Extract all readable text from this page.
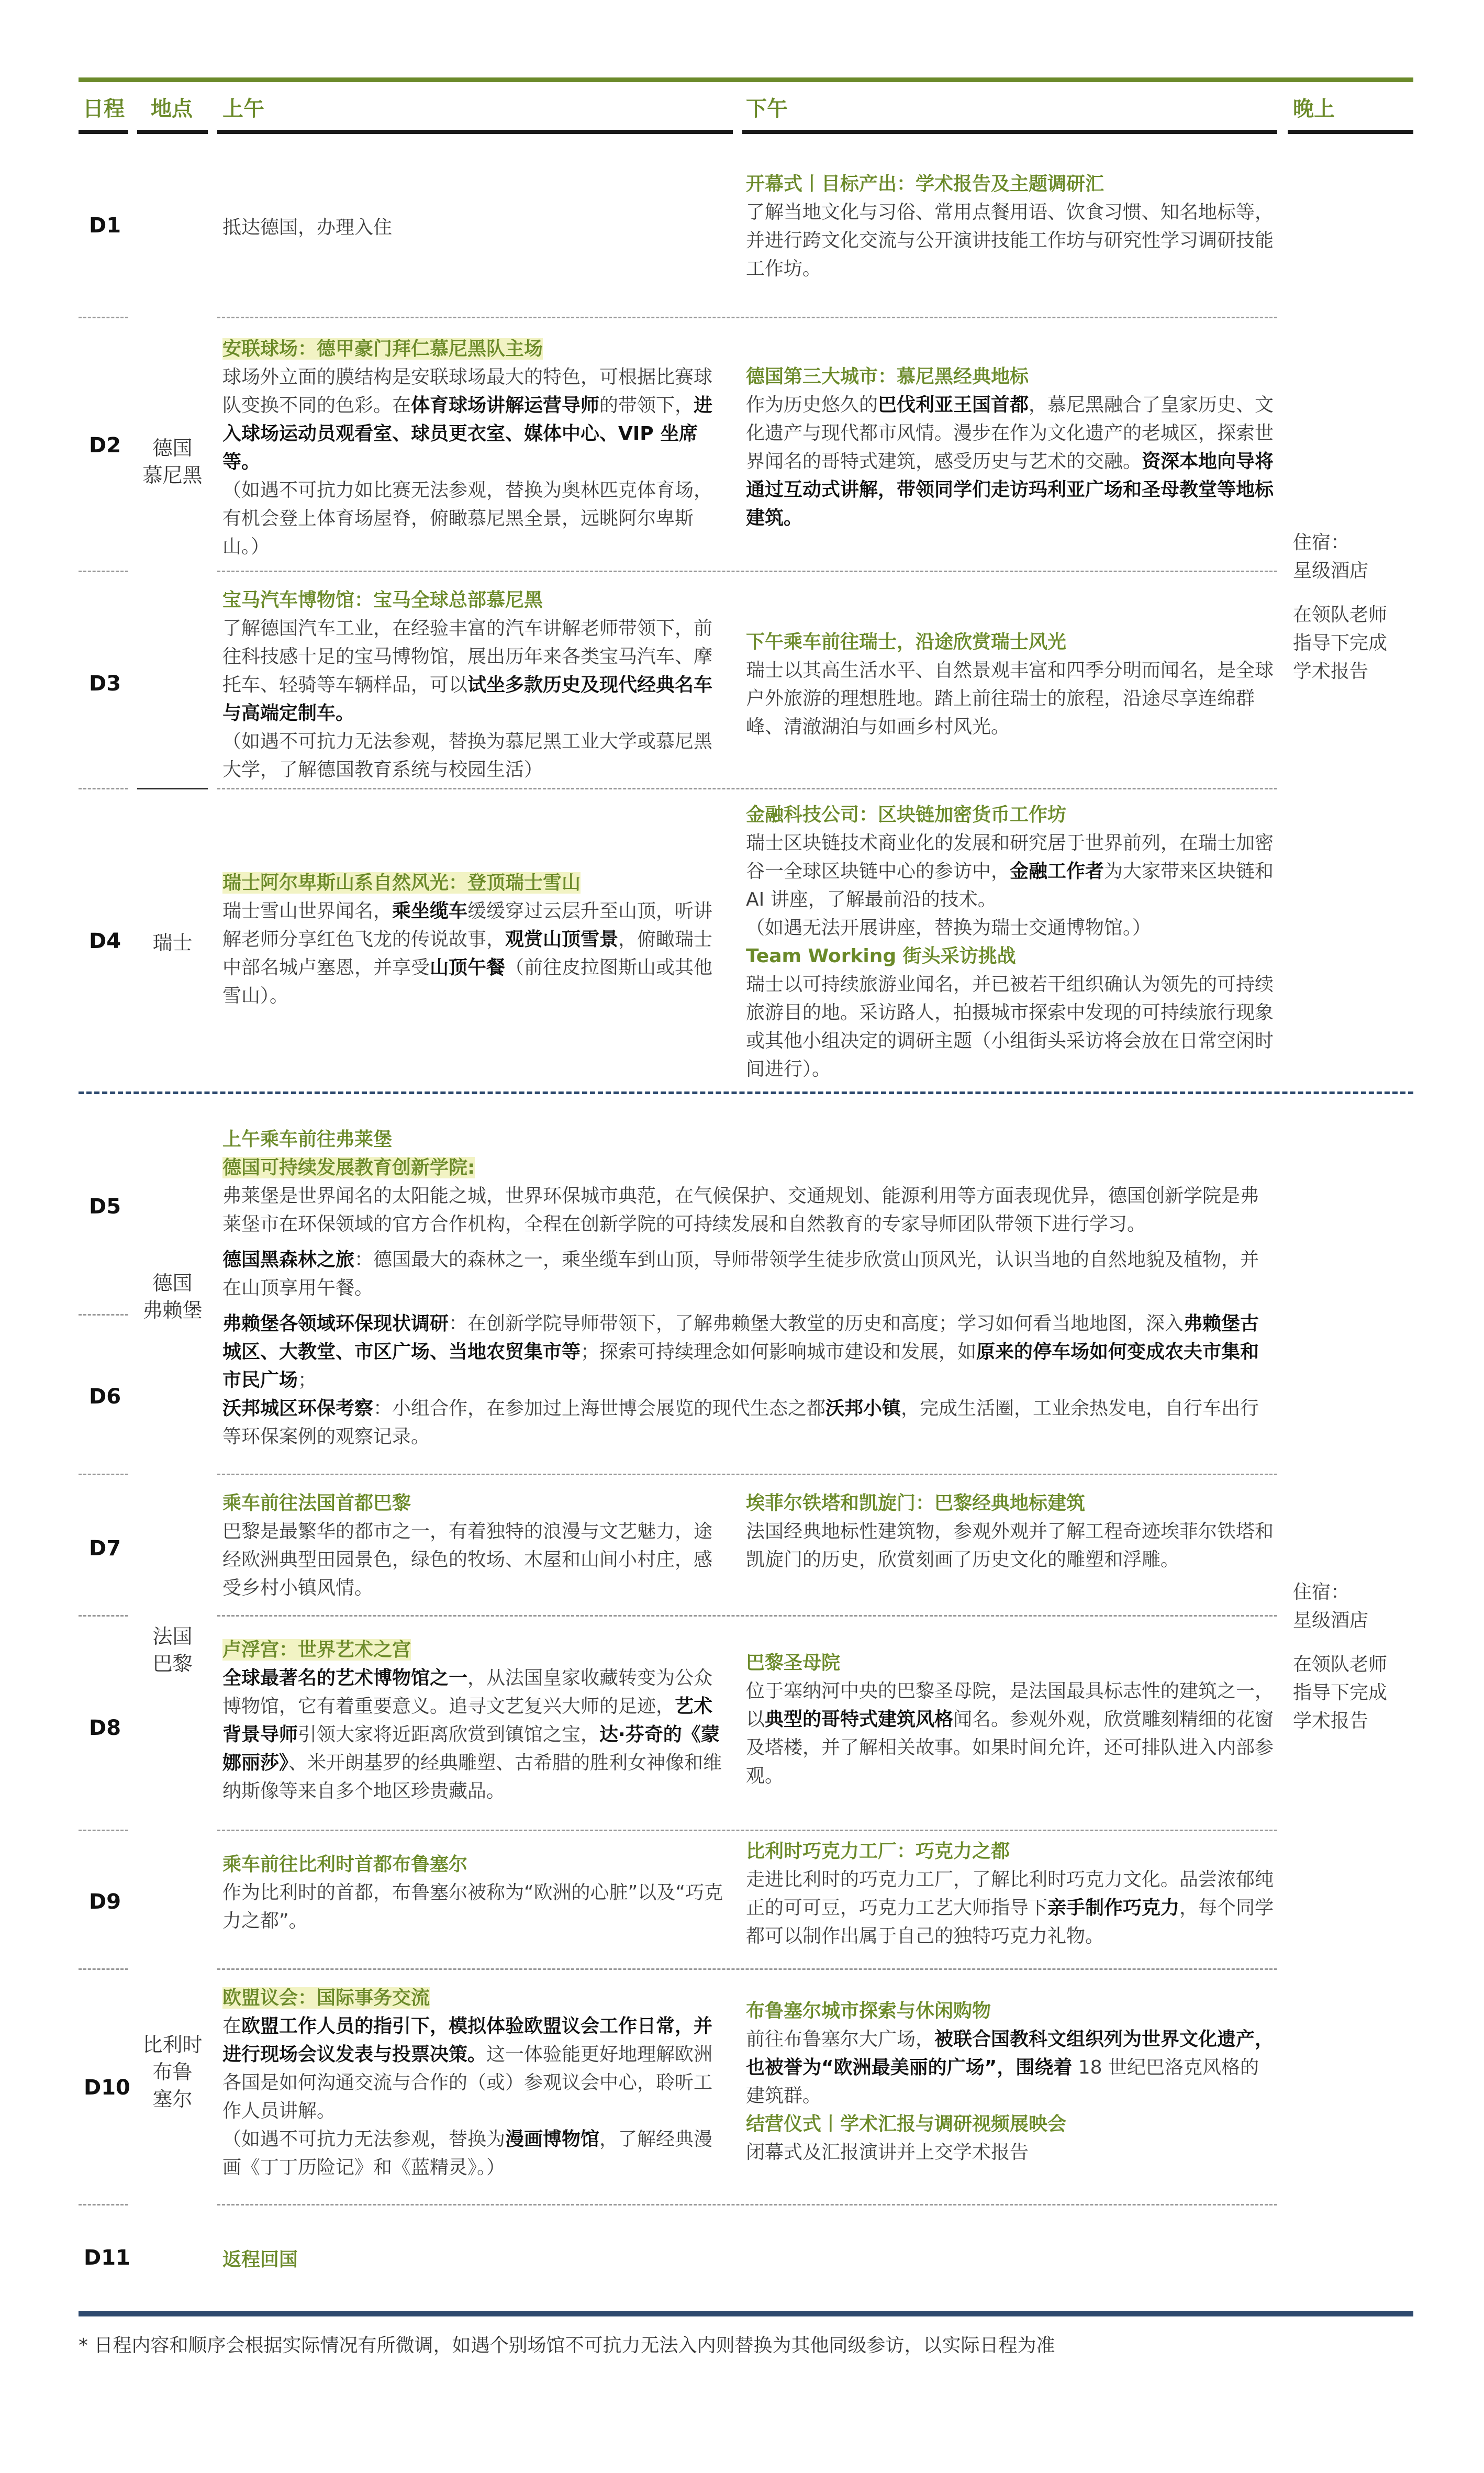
日程 地点 上午	下午	晚上
D1
D2
D3
D4
D5
D6
D7
D8
D9
D10
D11
德国
慕尼黑
瑞士
德国
弗赖堡
法国
巴黎
比利时
布鲁
塞尔

住宿：

星级酒店

在领队老师

指导下完成

学术报告

住宿：

星级酒店

在领队老师

指导下完成

学术报告

抵达德国，办理入住

开幕式丨目标产出：学术报告及主题调研汇

了解当地文化与习俗、常用点餐用语、饮食习惯、知名地标等，并进行跨文化交流与公开演讲技能工作坊与研究性学习调研技能工作坊。

安联球场：德甲豪门拜仁慕尼黑队主场

球场外立面的膜结构是安联球场最大的特色，可根据比赛球队变换不同的色彩。在体育球场讲解运营导师的带领下，进入球场运动员观看室、球员更衣室、媒体中心、VIP 坐席等。

（如遇不可抗力如比赛无法参观，替换为奥林匹克体育场，有机会登上体育场屋脊，俯瞰慕尼黑全景，远眺阿尔卑斯山。）

德国第三大城市：慕尼黑经典地标

作为历史悠久的巴伐利亚王国首都，慕尼黑融合了皇家历史、文化遗产与现代都市风情。漫步在作为文化遗产的老城区，探索世界闻名的哥特式建筑，感受历史与艺术的交融。资深本地向导将通过互动式讲解，带领同学们走访玛利亚广场和圣母教堂等地标建筑。

宝马汽车博物馆：宝马全球总部慕尼黑

了解德国汽车工业，在经验丰富的汽车讲解老师带领下，前往科技感十足的宝马博物馆，展出历年来各类宝马汽车、摩托车、轻骑等车辆样品，可以试坐多款历史及现代经典名车与高端定制车。

（如遇不可抗力无法参观，替换为慕尼黑工业大学或慕尼黑大学，了解德国教育系统与校园生活）

下午乘车前往瑞士，沿途欣赏瑞士风光

瑞士以其高生活水平、自然景观丰富和四季分明而闻名，是全球户外旅游的理想胜地。踏上前往瑞士的旅程，沿途尽享连绵群峰、清澈湖泊与如画乡村风光。

瑞士阿尔卑斯山系自然风光：登顶瑞士雪山

瑞士雪山世界闻名，乘坐缆车缓缓穿过云层升至山顶，听讲解老师分享红色飞龙的传说故事，观赏山顶雪景，俯瞰瑞士中部名城卢塞恩，并享受山顶午餐（前往皮拉图斯山或其他雪山）。

金融科技公司：区块链加密货币工作坊

瑞士区块链技术商业化的发展和研究居于世界前列，在瑞士加密谷一全球区块链中心的参访中，金融工作者为大家带来区块链和 AI 讲座，了解最前沿的技术。

（如遇无法开展讲座，替换为瑞士交通博物馆。）

Team Working 街头采访挑战

瑞士以可持续旅游业闻名，并已被若干组织确认为领先的可持续旅游目的地。采访路人，拍摄城市探索中发现的可持续旅行现象或其他小组决定的调研主题（小组街头采访将会放在日常空闲时间进行）。

上午乘车前往弗莱堡

德国可持续发展教育创新学院:

弗莱堡是世界闻名的太阳能之城，世界环保城市典范，在气候保护、交通规划、能源利用等方面表现优异，德国创新学院是弗莱堡市在环保领域的官方合作机构，全程在创新学院的可持续发展和自然教育的专家导师团队带领下进行学习。

德国黑森林之旅：德国最大的森林之一，乘坐缆车到山顶，导师带领学生徒步欣赏山顶风光，认识当地的自然地貌及植物，并在山顶享用午餐。

弗赖堡各领域环保现状调研：在创新学院导师带领下，了解弗赖堡大教堂的历史和高度；学习如何看当地地图，深入弗赖堡古城区、大教堂、市区广场、当地农贸集市等；探索可持续理念如何影响城市建设和发展，如原来的停车场如何变成农夫市集和市民广场；

沃邦城区环保考察：小组合作，在参加过上海世博会展览的现代生态之都沃邦小镇，完成生活圈，工业余热发电，自行车出行等环保案例的观察记录。

乘车前往法国首都巴黎

巴黎是最繁华的都市之一，有着独特的浪漫与文艺魅力，途经欧洲典型田园景色，绿色的牧场、木屋和山间小村庄，感受乡村小镇风情。

埃菲尔铁塔和凯旋门：巴黎经典地标建筑

法国经典地标性建筑物，参观外观并了解工程奇迹埃菲尔铁塔和凯旋门的历史，欣赏刻画了历史文化的雕塑和浮雕。

卢浮宫：世界艺术之宫

全球最著名的艺术博物馆之一，从法国皇家收藏转变为公众博物馆，它有着重要意义。追寻文艺复兴大师的足迹，艺术背景导师引领大家将近距离欣赏到镇馆之宝，达·芬奇的《蒙娜丽莎》、米开朗基罗的经典雕塑、古希腊的胜利女神像和维纳斯像等来自多个地区珍贵藏品。

巴黎圣母院

位于塞纳河中央的巴黎圣母院，是法国最具标志性的建筑之一，以典型的哥特式建筑风格闻名。参观外观，欣赏雕刻精细的花窗及塔楼，并了解相关故事。如果时间允许，还可排队进入内部参观。

乘车前往比利时首都布鲁塞尔

作为比利时的首都，布鲁塞尔被称为“欧洲的心脏”以及“巧克力之都”。

比利时巧克力工厂：巧克力之都

走进比利时的巧克力工厂，了解比利时巧克力文化。品尝浓郁纯正的可可豆，巧克力工艺大师指导下亲手制作巧克力，每个同学都可以制作出属于自己的独特巧克力礼物。

欧盟议会：国际事务交流

在欧盟工作人员的指引下，模拟体验欧盟议会工作日常，并进行现场会议发表与投票决策。这一体验能更好地理解欧洲各国是如何沟通交流与合作的（或）参观议会中心，聆听工作人员讲解。

（如遇不可抗力无法参观，替换为漫画博物馆，了解经典漫画《丁丁历险记》和《蓝精灵》。）

布鲁塞尔城市探索与休闲购物

前往布鲁塞尔大广场，被联合国教科文组织列为世界文化遗产，也被誉为“欧洲最美丽的广场”，围绕着 18 世纪巴洛克风格的建筑群。

结营仪式丨学术汇报与调研视频展映会

闭幕式及汇报演讲并上交学术报告

返程回国

* 日程内容和顺序会根据实际情况有所微调，如遇个别场馆不可抗力无法入内则替换为其他同级参访，以实际日程为准
